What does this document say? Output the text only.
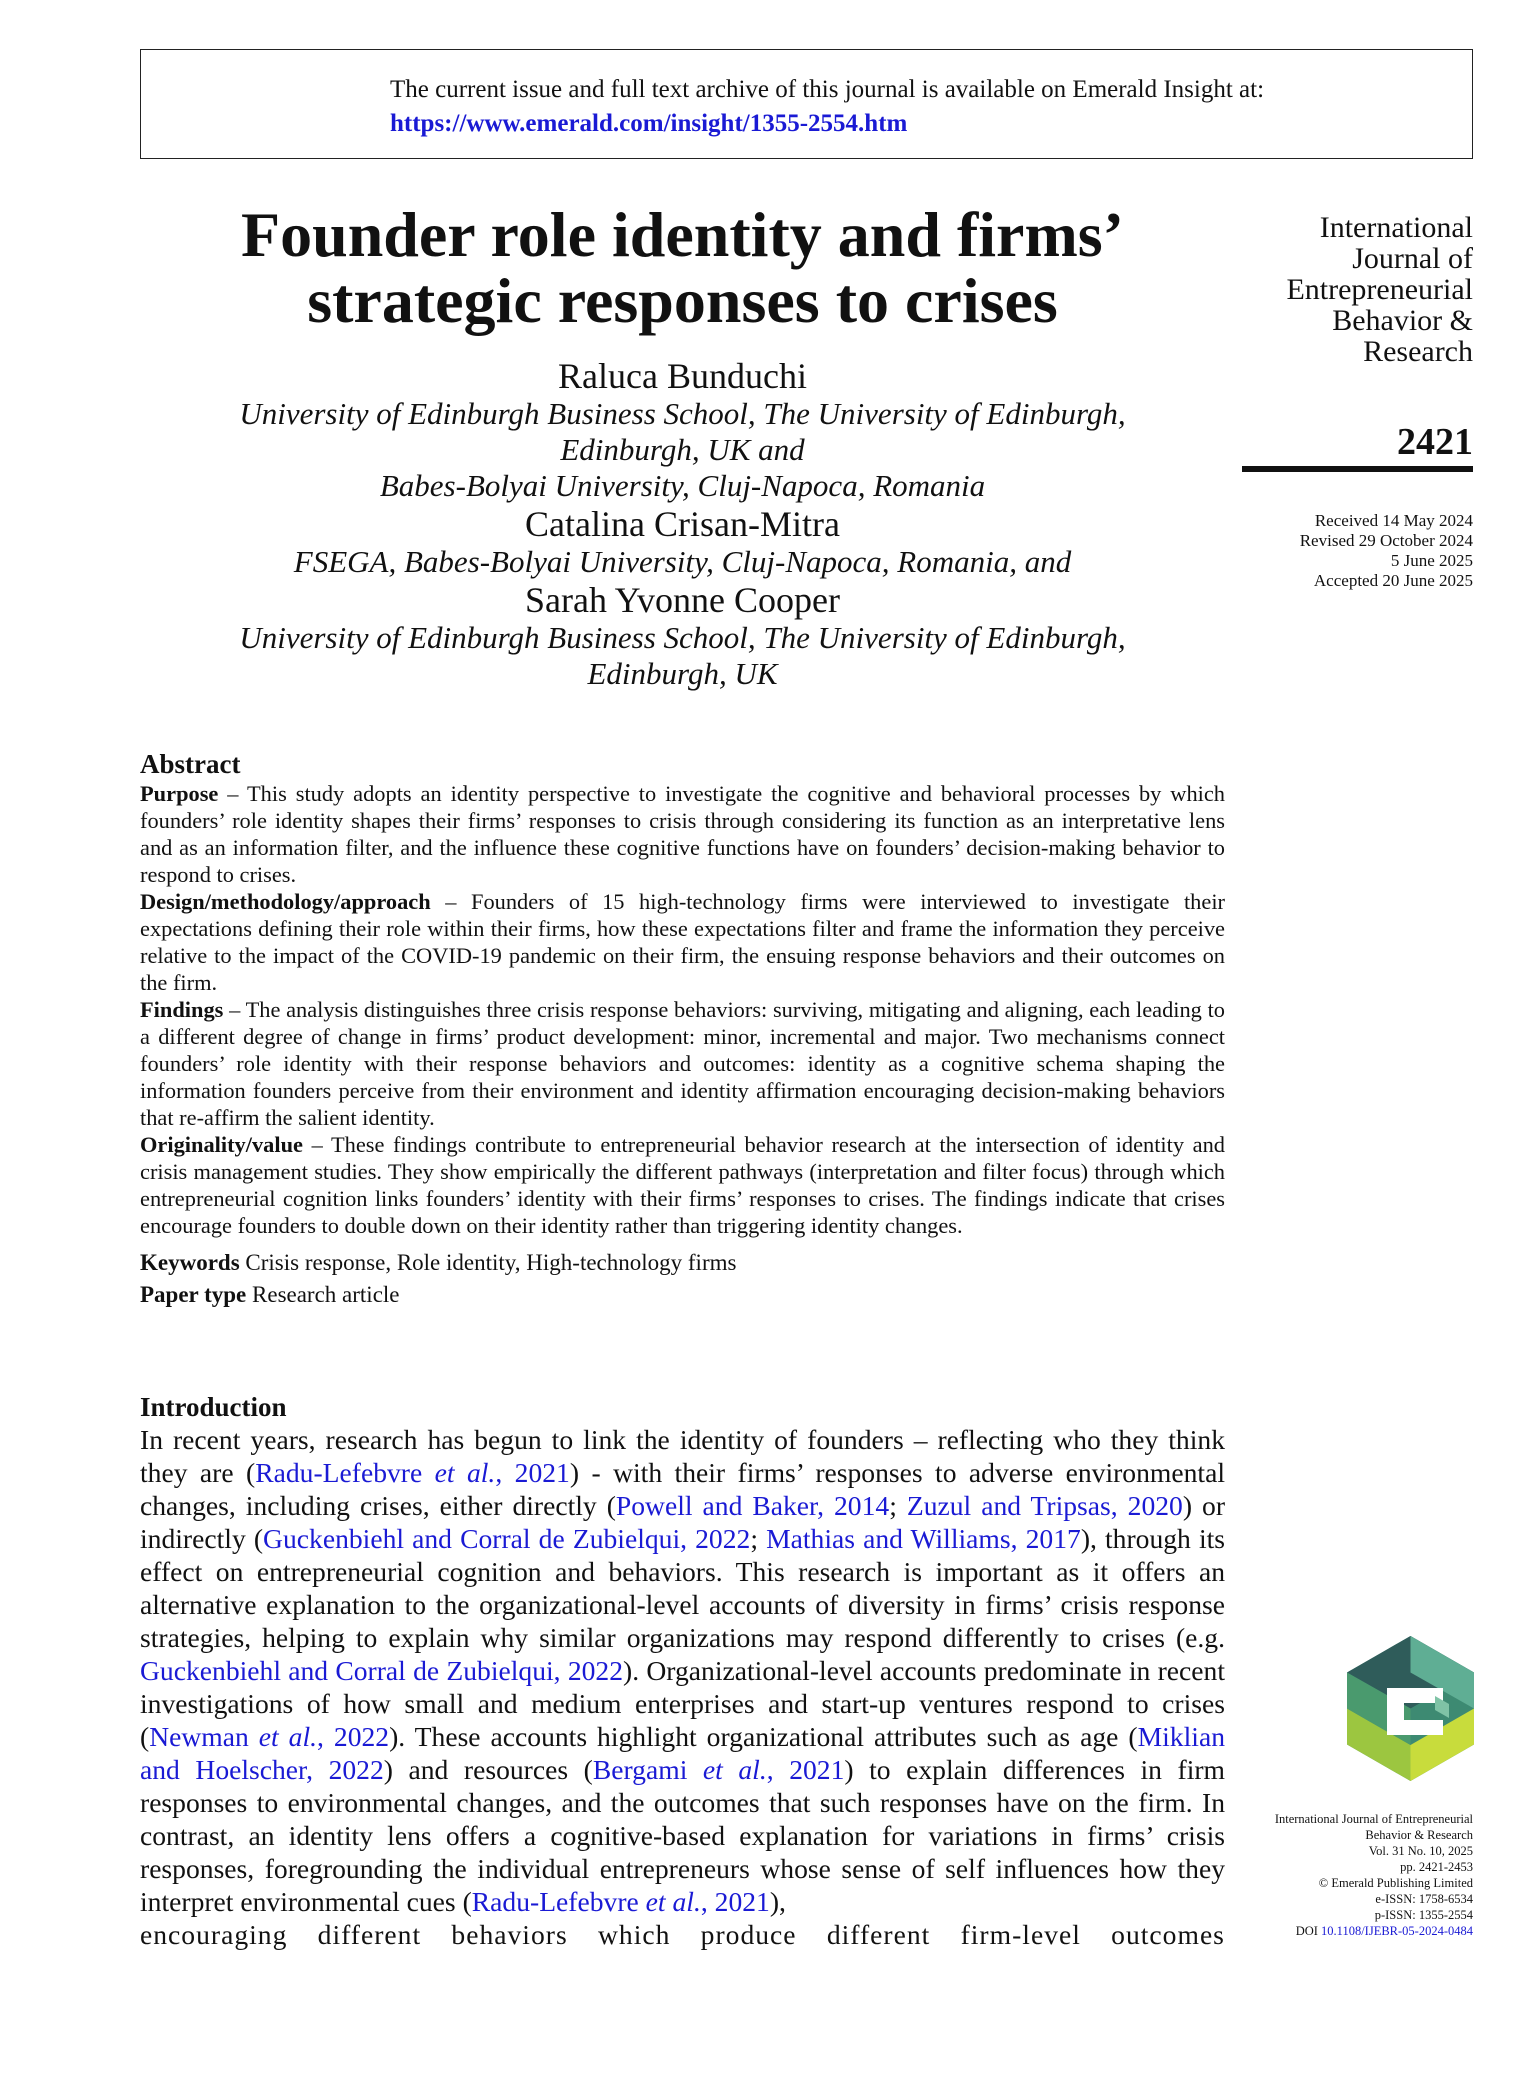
The current issue and full text archive of this journal is available on Emerald Insight at:
https://www.emerald.com/insight/1355-2554.htm
Founder role identity and firms’
strategic responses to crises
Raluca Bunduchi
University of Edinburgh Business School, The University of Edinburgh,
Edinburgh, UK and
Babes-Bolyai University, Cluj-Napoca, Romania
Catalina Crisan-Mitra
FSEGA, Babes-Bolyai University, Cluj-Napoca, Romania, and
Sarah Yvonne Cooper
University of Edinburgh Business School, The University of Edinburgh,
Edinburgh, UK
International
Journal of
Entrepreneurial
Behavior &
Research
2421
Received 14 May 2024
Revised 29 October 2024
5 June 2025
Accepted 20 June 2025
Abstract

Purpose – This study adopts an identity perspective to investigate the cognitive and behavioral processes by which founders’ role identity shapes their firms’ responses to crisis through considering its function as an interpretative lens and as an information filter, and the influence these cognitive functions have on founders’ decision-making behavior to respond to crises.

Design/methodology/approach – Founders of 15 high-technology firms were interviewed to investigate their expectations defining their role within their firms, how these expectations filter and frame the information they perceive relative to the impact of the COVID-19 pandemic on their firm, the ensuing response behaviors and their outcomes on the firm.

Findings – The analysis distinguishes three crisis response behaviors: surviving, mitigating and aligning, each leading to a different degree of change in firms’ product development: minor, incremental and major. Two mechanisms connect founders’ role identity with their response behaviors and outcomes: identity as a cognitive schema shaping the information founders perceive from their environment and identity affirmation encouraging decision-making behaviors that re-affirm the salient identity.

Originality/value – These findings contribute to entrepreneurial behavior research at the intersection of identity and crisis management studies. They show empirically the different pathways (interpretation and filter focus) through which entrepreneurial cognition links founders’ identity with their firms’ responses to crises. The findings indicate that crises encourage founders to double down on their identity rather than triggering identity changes.

Keywords Crisis response, Role identity, High-technology firms

Paper type Research article

Introduction

In recent years, research has begun to link the identity of founders – reflecting who they think they are (Radu-Lefebvre et al., 2021) - with their firms’ responses to adverse environmental changes, including crises, either directly (Powell and Baker, 2014; Zuzul and Tripsas, 2020) or indirectly (Guckenbiehl and Corral de Zubielqui, 2022; Mathias and Williams, 2017), through its effect on entrepreneurial cognition and behaviors. This research is important as it offers an alternative explanation to the organizational-level accounts of diversity in firms’ crisis response strategies, helping to explain why similar organizations may respond differently to crises (e.g. Guckenbiehl and Corral de Zubielqui, 2022). Organizational-level accounts predominate in recent investigations of how small and medium enterprises and start-up ventures respond to crises (Newman et al., 2022). These accounts highlight organizational attributes such as age (Miklian and Hoelscher, 2022) and resources (Bergami et al., 2021) to explain differences in firm responses to environmental changes, and the outcomes that such responses have on the firm. In contrast, an identity lens offers a cognitive-based explanation for variations in firms’ crisis responses, foregrounding the individual entrepreneurs whose sense of self influences how they interpret environmental cues (Radu-Lefebvre et al., 2021),

encouraging different behaviors which produce different firm-level outcomes
International Journal of Entrepreneurial
Behavior & Research
Vol. 31 No. 10, 2025
pp. 2421-2453
© Emerald Publishing Limited
e-ISSN: 1758-6534
p-ISSN: 1355-2554
DOI 10.1108/IJEBR-05-2024-0484
